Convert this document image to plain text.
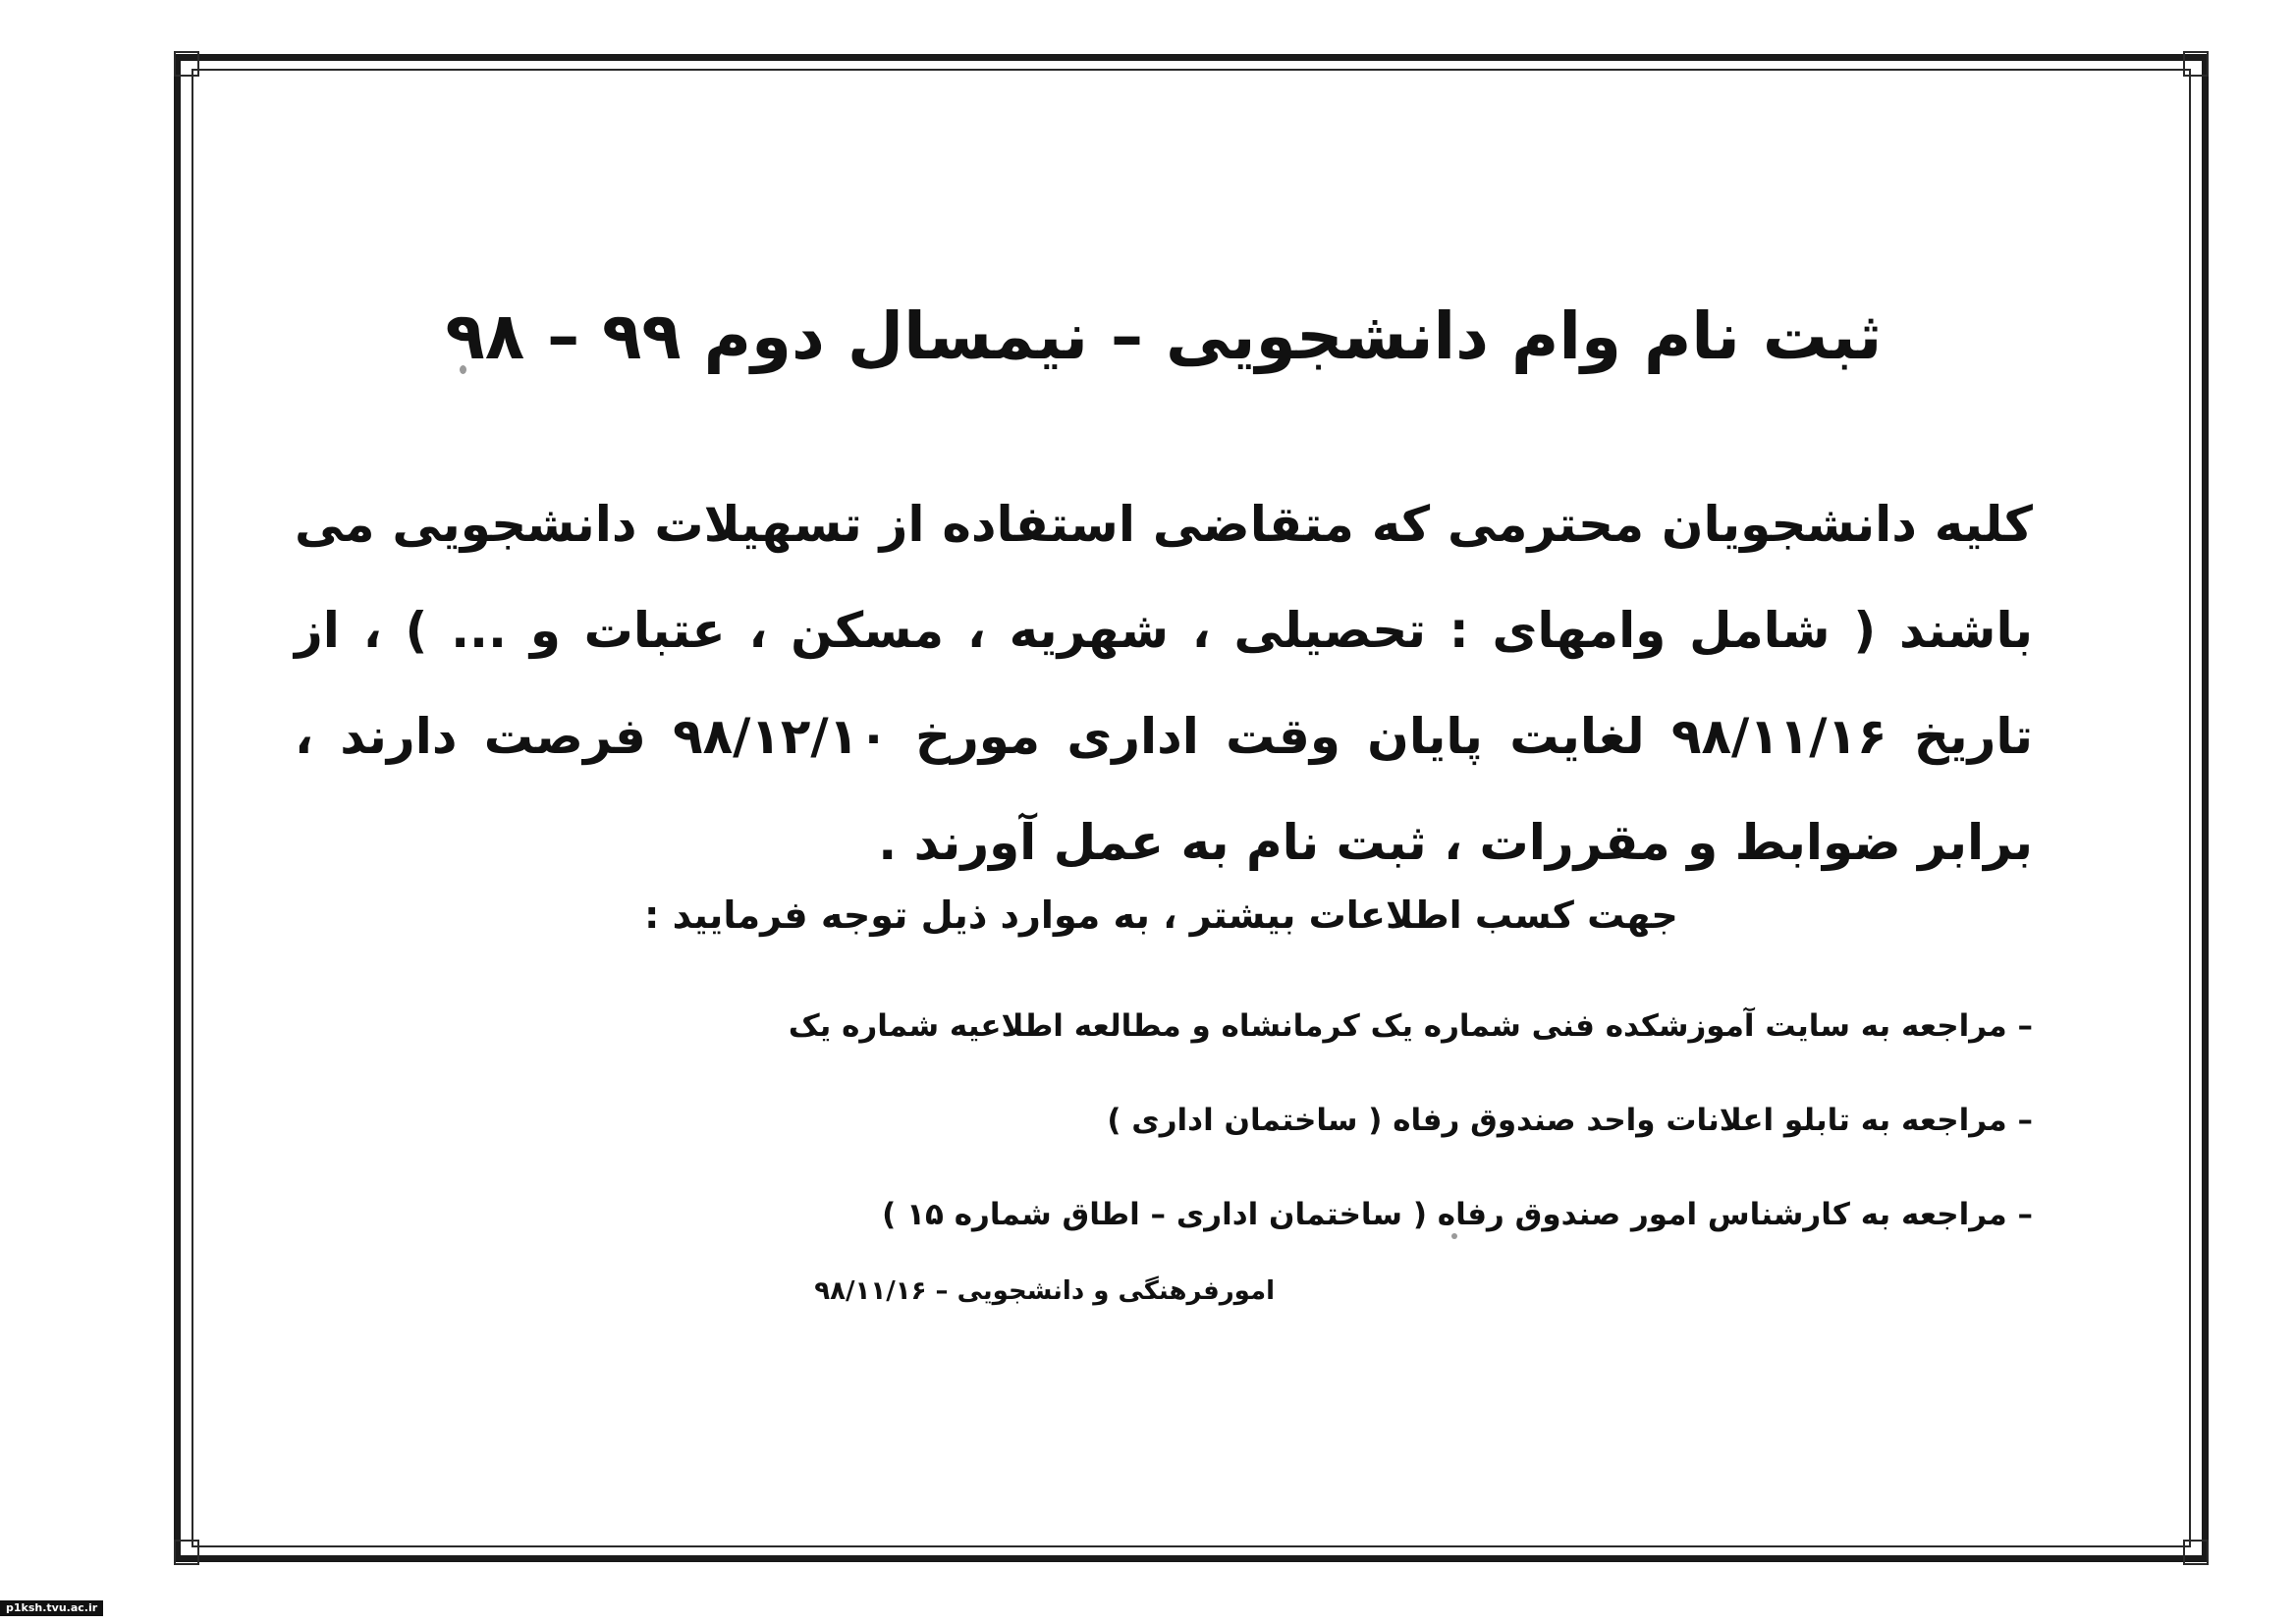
ثبت نام وام دانشجویی – نیمسال دوم ۹۹ – ۹۸

کلیه دانشجویان محترمی که متقاضی استفاده از تسهیلات دانشجویی می باشند ( شامل وامهای : تحصیلی ، شهریه ، مسکن ، عتبات و ... ) ، از تاریخ ۹۸/۱۱/۱۶ لغایت پایان وقت اداری مورخ ۹۸/۱۲/۱۰ فرصت دارند ، برابر ضوابط و مقررات ، ثبت نام به عمل آورند .

جهت کسب اطلاعات بیشتر ، به موارد ذیل توجه فرمایید :
– مراجعه به سایت آموزشکده فنی شماره یک کرمانشاه و مطالعه اطلاعیه شماره یک
– مراجعه به تابلو اعلانات واحد صندوق رفاه ( ساختمان اداری )
– مراجعه به کارشناس امور صندوق رفاه ( ساختمان اداری – اطاق شماره ۱۵ )
امورفرهنگی و دانشجویی – ۹۸/۱۱/۱۶
p1ksh.tvu.ac.ir
